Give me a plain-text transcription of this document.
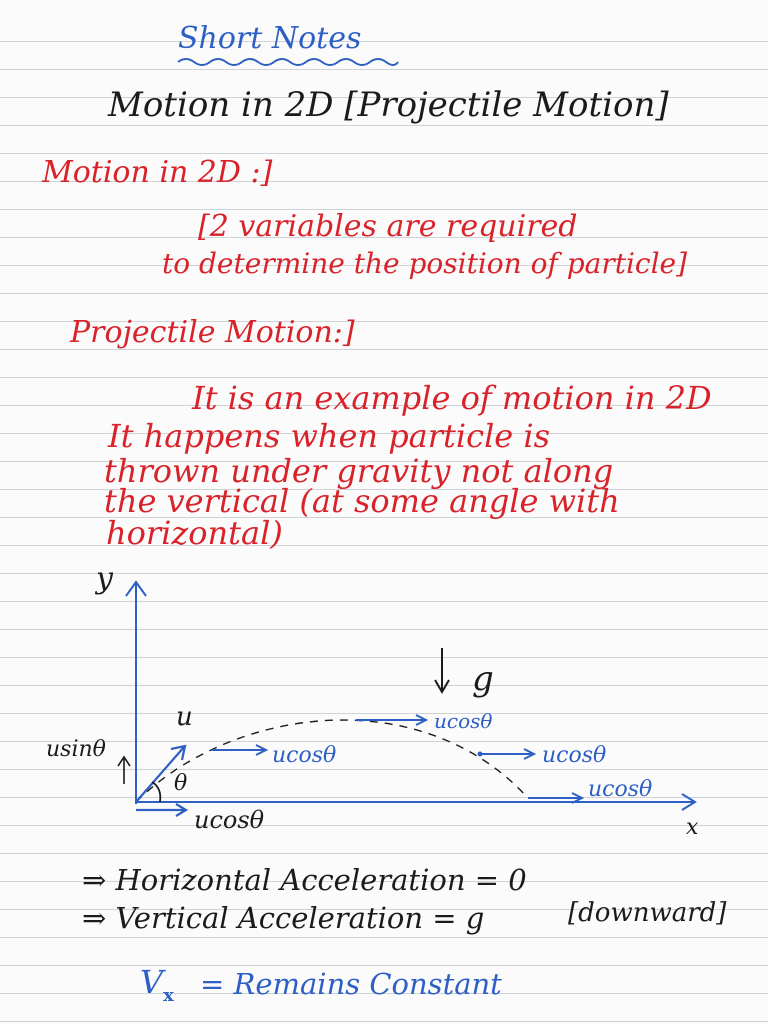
Short Notes
Motion in 2D [Projectile Motion]
Motion in 2D :]
[2 variables are required
to determine the position of particle]
Projectile Motion:]
It is an example of motion in 2D
It happens when particle is
thrown under gravity not along
the vertical (at some angle with
horizontal)
y
x
u
θ
usinθ
ucosθ
ucosθ
ucosθ
g
ucosθ
ucosθ
⇒ Horizontal Acceleration = 0
⇒ Vertical Acceleration = g	[downward]
$V_x$ = Remains Constant
